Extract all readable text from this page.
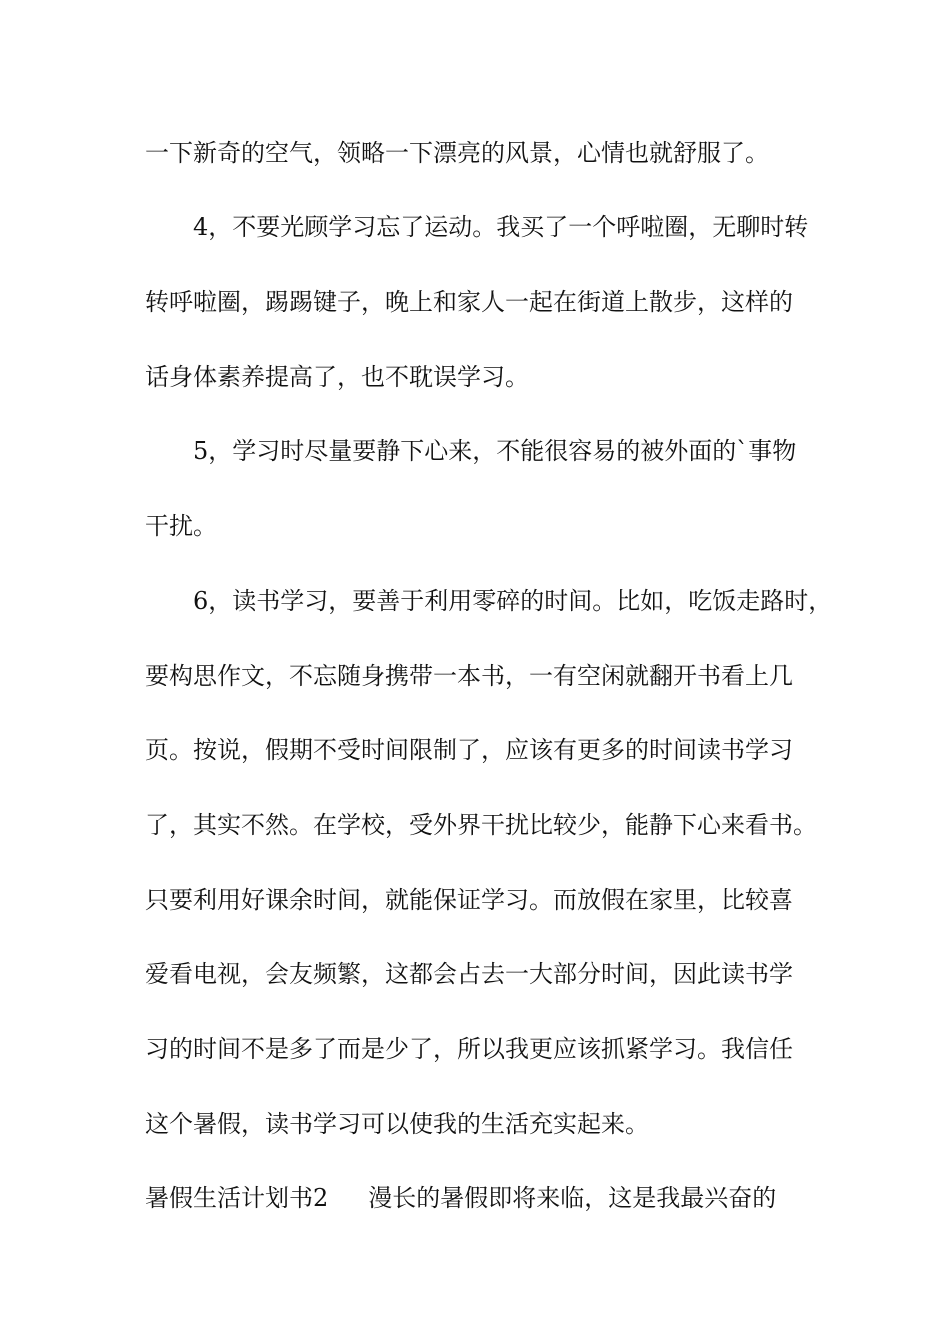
一下新奇的空气，领略一下漂亮的风景，心情也就舒服了。

4，不要光顾学习忘了运动。我买了一个呼啦圈，无聊时转

转呼啦圈，踢踢键子，晚上和家人一起在街道上散步，这样的

话身体素养提高了，也不耽误学习。

5，学习时尽量要静下心来，不能很容易的被外面的`事物

干扰。

6，读书学习，要善于利用零碎的时间。比如，吃饭走路时，

要构思作文，不忘随身携带一本书，一有空闲就翻开书看上几

页。按说，假期不受时间限制了，应该有更多的时间读书学习

了，其实不然。在学校，受外界干扰比较少，能静下心来看书。

只要利用好课余时间，就能保证学习。而放假在家里，比较喜

爱看电视，会友频繁，这都会占去一大部分时间，因此读书学

习的时间不是多了而是少了，所以我更应该抓紧学习。我信任

这个暑假，读书学习可以使我的生活充实起来。

暑假生活计划书2 漫长的暑假即将来临，这是我最兴奋的
